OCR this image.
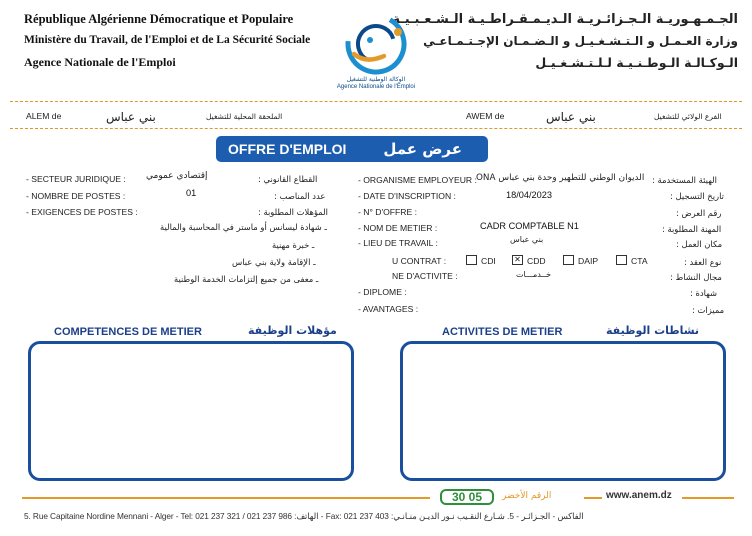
République Algérienne Démocratique et Populaire
Ministère du Travail, de l'Emploi et de La Sécurité Sociale
Agence Nationale de l'Emploi
الجـمـهـوريـة الـجـزائـريـة الـديـمـقـراطـيـة الـشـعـبـيـة
وزارة العـمـل و الـتـشـغـيـل و الـضـمـان الإجـتـمـاعـي
الـوكـالـة الـوطـنـيـة لـلـتـشـغـيـل
الوكالة الوطنية للتشغيل
Agence Nationale de l'Emploi
ALEM de	بني عباس	الملحقة المحلية للتشغيل	AWEM de	بني عباس	الفرع الولائي للتشغيل
OFFRE D'EMPLOI عرض عمل
- SECTEUR JURIDIQUE : إقتصادي عمومي	القطاع القانوني :
- NOMBRE DE POSTES :	01	عدد المناصب :
- EXIGENCES DE POSTES :	المؤهلات المطلوبة :
ـ شهادة ليسانس أو ماستر في المحاسبة والمالية
ـ خبرة مهنية
ـ الإقامة ولاية بني عباس
ـ معفى من جميع إلتزامات الخدمة الوطنية
- ORGANISME EMPLOYEUR : الديوان الوطني للتطهير وحدة بني عباس ONA الهيئة المستخدمة :
- DATE D'INSCRIPTION :	18/04/2023	تاريخ التسجيل :
- N° D'OFFRE :	رقم العرض :
- NOM DE METIER :	CADR COMPTABLE N1	المهنة المطلوبة :
- LIEU DE TRAVAIL :	بني عباس	مكان العمل :
U CONTRAT :	CDI ✕ CDD	DAIP	CTA	نوع العقد :
NE D'ACTIVITE :	خــدمـــات	مجال النشاط :
- DIPLOME :	شهادة :
- AVANTAGES :	مميزات :
COMPETENCES DE METIER	مؤهلات الوظيفة	ACTIVITES DE METIER	نشاطات الوظيفة
30 05	الرقم الأخضر	www.anem.dz
5. Rue Capitaine Nordine Mennani - Alger - Tel: 021 237 321 / 021 237 986 :الهاتف - Fax: 021 237 403 :الفاكس - الجـزائـر - 5. شـارع النقـيب نـور الديـن منـانـي
